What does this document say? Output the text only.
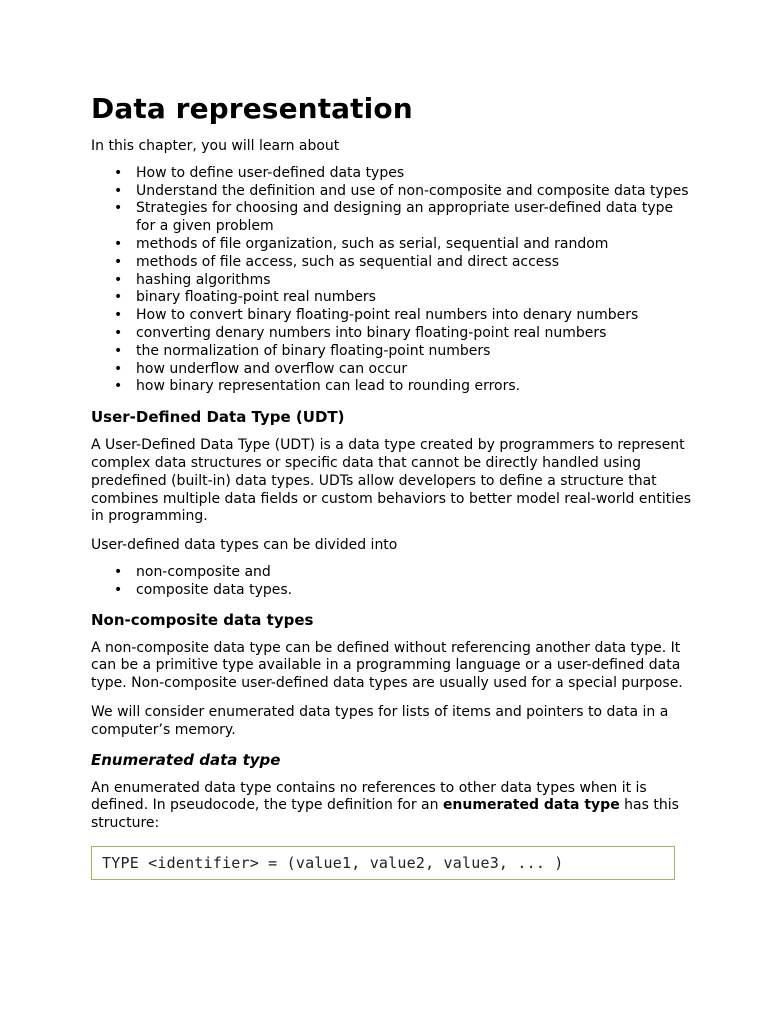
Data representation

In this chapter, you will learn about

• How to define user-defined data types
• Understand the definition and use of non-composite and composite data types
• Strategies for choosing and designing an appropriate user-defined data type for a given problem
• methods of file organization, such as serial, sequential and random
• methods of file access, such as sequential and direct access
• hashing algorithms
• binary floating-point real numbers
• How to convert binary floating-point real numbers into denary numbers
• converting denary numbers into binary floating-point real numbers
• the normalization of binary floating-point numbers
• how underflow and overflow can occur
• how binary representation can lead to rounding errors.
User-Defined Data Type (UDT)

A User-Defined Data Type (UDT) is a data type created by programmers to represent complex data structures or specific data that cannot be directly handled using predefined (built-in) data types. UDTs allow developers to define a structure that combines multiple data fields or custom behaviors to better model real-world entities in programming.

User-defined data types can be divided into

• non-composite and
• composite data types.
Non-composite data types

A non-composite data type can be defined without referencing another data type. It can be a primitive type available in a programming language or a user-defined data type. Non-composite user-defined data types are usually used for a special purpose.

We will consider enumerated data types for lists of items and pointers to data in a computer’s memory.

Enumerated data type

An enumerated data type contains no references to other data types when it is defined. In pseudocode, the type definition for an enumerated data type has this structure:

TYPE <identifier> = (value1, value2, value3, ... )
